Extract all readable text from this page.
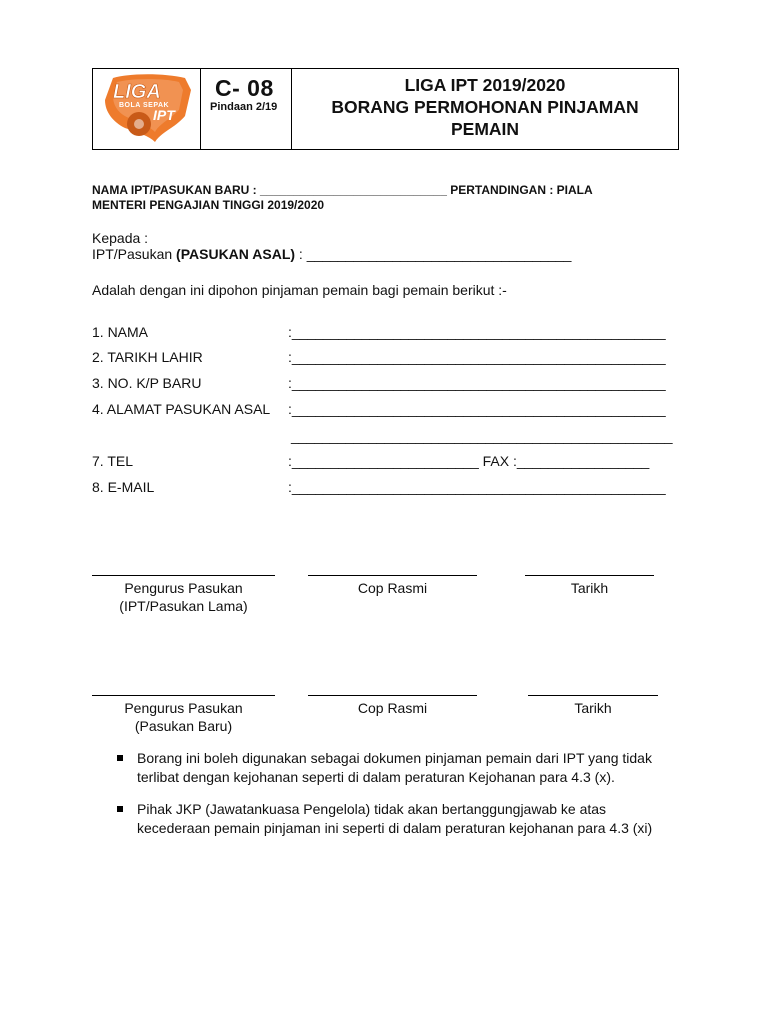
LIGA
BOLA SEPAK
IPT
C- 08
Pindaan 2/19
LIGA IPT 2019/2020
BORANG PERMOHONAN PINJAMAN
PEMAIN
NAMA IPT/PASUKAN BARU : ____________________________ PERTANDINGAN : PIALA
MENTERI PENGAJIAN TINGGI 2019/2020
Kepada :
IPT/Pasukan (PASUKAN ASAL) : __________________________________
Adalah dengan ini dipohon pinjaman pemain bagi pemain berikut :-
1. NAMA	:________________________________________________
2. TARIKH LAHIR	:________________________________________________
3. NO. K/P BARU	:________________________________________________
4. ALAMAT PASUKAN ASAL :________________________________________________
_________________________________________________
7. TEL	:________________________ FAX :_________________
8. E-MAIL	:________________________________________________
Pengurus Pasukan
(IPT/Pasukan Lama)
Cop Rasmi	Tarikh
Pengurus Pasukan
(Pasukan Baru)
Cop Rasmi	Tarikh
Borang ini boleh digunakan sebagai dokumen pinjaman pemain dari IPT yang tidak
terlibat dengan kejohanan seperti di dalam peraturan Kejohanan para 4.3 (x).
Pihak JKP (Jawatankuasa Pengelola) tidak akan bertanggungjawab ke atas
kecederaan pemain pinjaman ini seperti di dalam peraturan kejohanan para 4.3 (xi)
